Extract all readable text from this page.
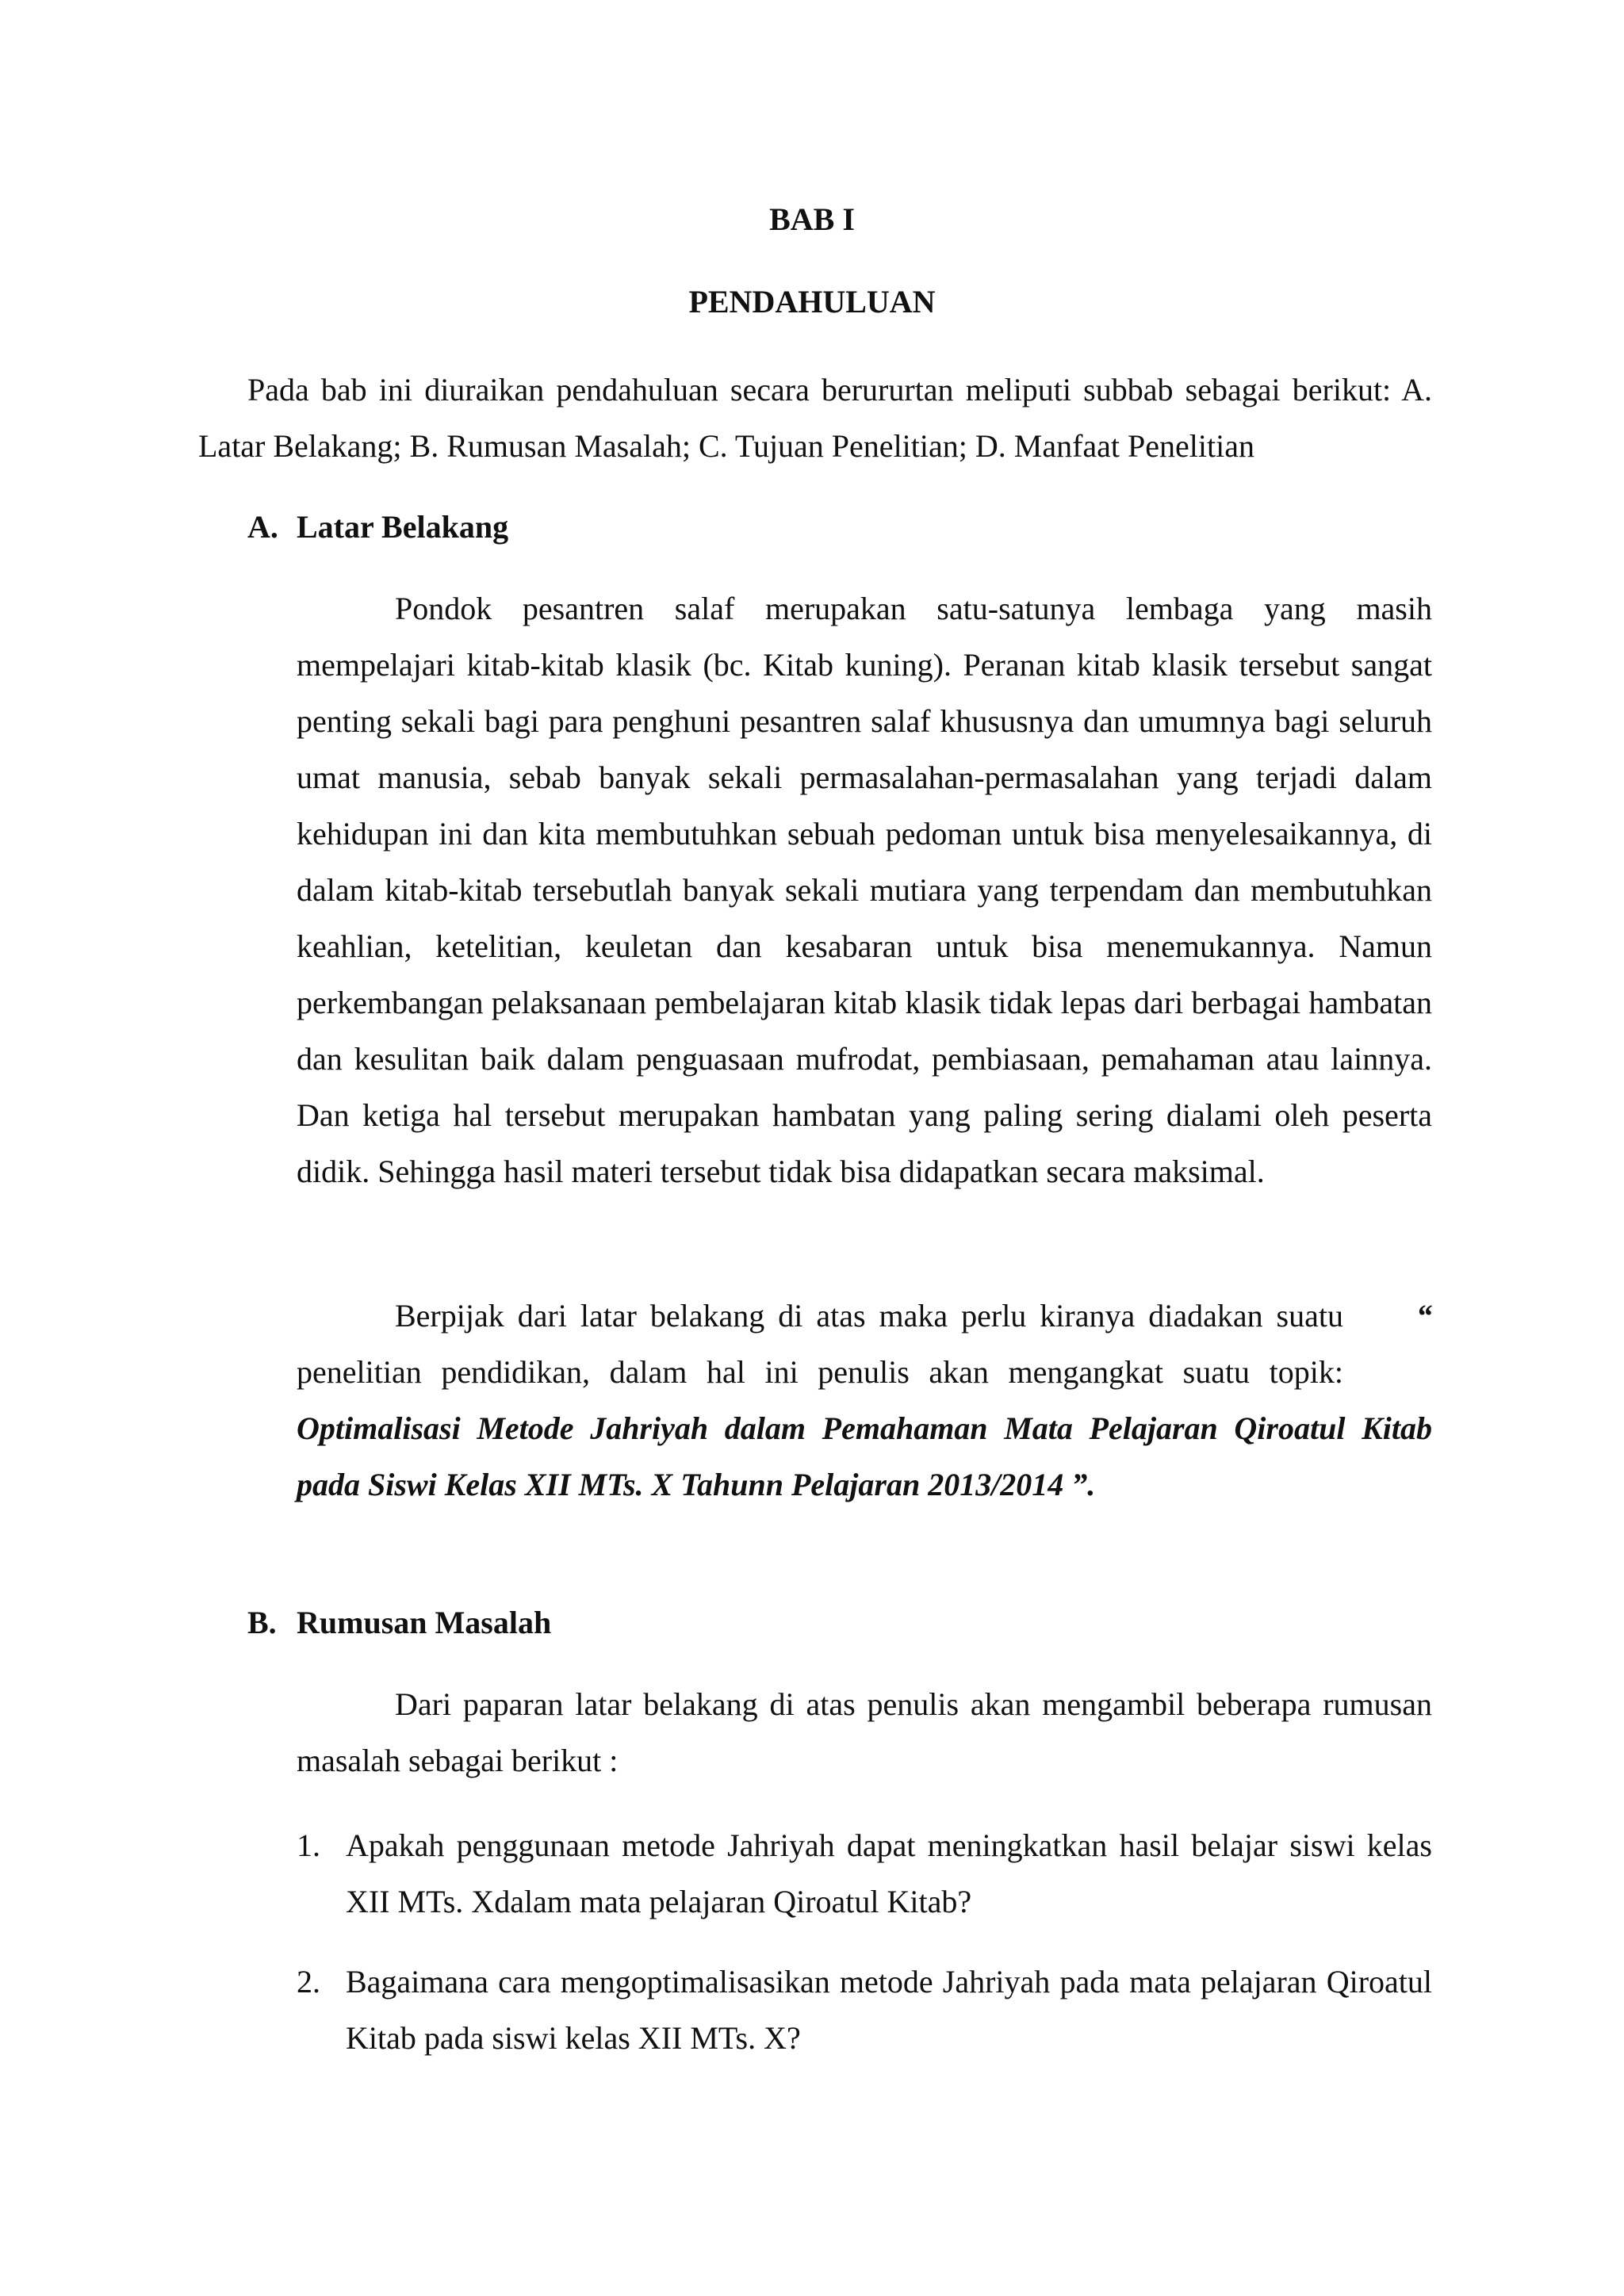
BAB I
PENDAHULUAN

Pada bab ini diuraikan pendahuluan secara berururtan meliputi subbab sebagai berikut: A. Latar Belakang; B. Rumusan Masalah; C. Tujuan Penelitian; D. Manfaat Penelitian

A. Latar Belakang

Pondok pesantren salaf merupakan satu-satunya lembaga yang masih mempelajari kitab-kitab klasik (bc. Kitab kuning). Peranan kitab klasik tersebut sangat penting sekali bagi para penghuni pesantren salaf khususnya dan umumnya bagi seluruh umat manusia, sebab banyak sekali permasalahan-permasalahan yang terjadi dalam kehidupan ini dan kita membutuhkan sebuah pedoman untuk bisa menyelesaikannya, di dalam kitab-kitab tersebutlah banyak sekali mutiara yang terpendam dan membutuhkan keahlian, ketelitian, keuletan dan kesabaran untuk bisa menemukannya. Namun perkembangan pelaksanaan pembelajaran kitab klasik tidak lepas dari berbagai hambatan dan kesulitan baik dalam penguasaan mufrodat, pembiasaan, pemahaman atau lainnya. Dan ketiga hal tersebut merupakan hambatan yang paling sering dialami oleh peserta didik. Sehingga hasil materi tersebut tidak bisa didapatkan secara maksimal.

Berpijak dari latar belakang di atas maka perlu kiranya diadakan suatu penelitian pendidikan, dalam hal ini penulis akan mengangkat suatu topik:
“
Optimalisasi Metode Jahriyah dalam Pemahaman Mata Pelajaran Qiroatul Kitab pada Siswi Kelas XII MTs. X Tahunn Pelajaran 2013/2014 ”.
B. Rumusan Masalah

Dari paparan latar belakang di atas penulis akan mengambil beberapa rumusan masalah sebagai berikut :

1. Apakah penggunaan metode Jahriyah dapat meningkatkan hasil belajar siswi kelas XII MTs. Xdalam mata pelajaran Qiroatul Kitab?
2. Bagaimana cara mengoptimalisasikan metode Jahriyah pada mata pelajaran Qiroatul Kitab pada siswi kelas XII MTs. X?
